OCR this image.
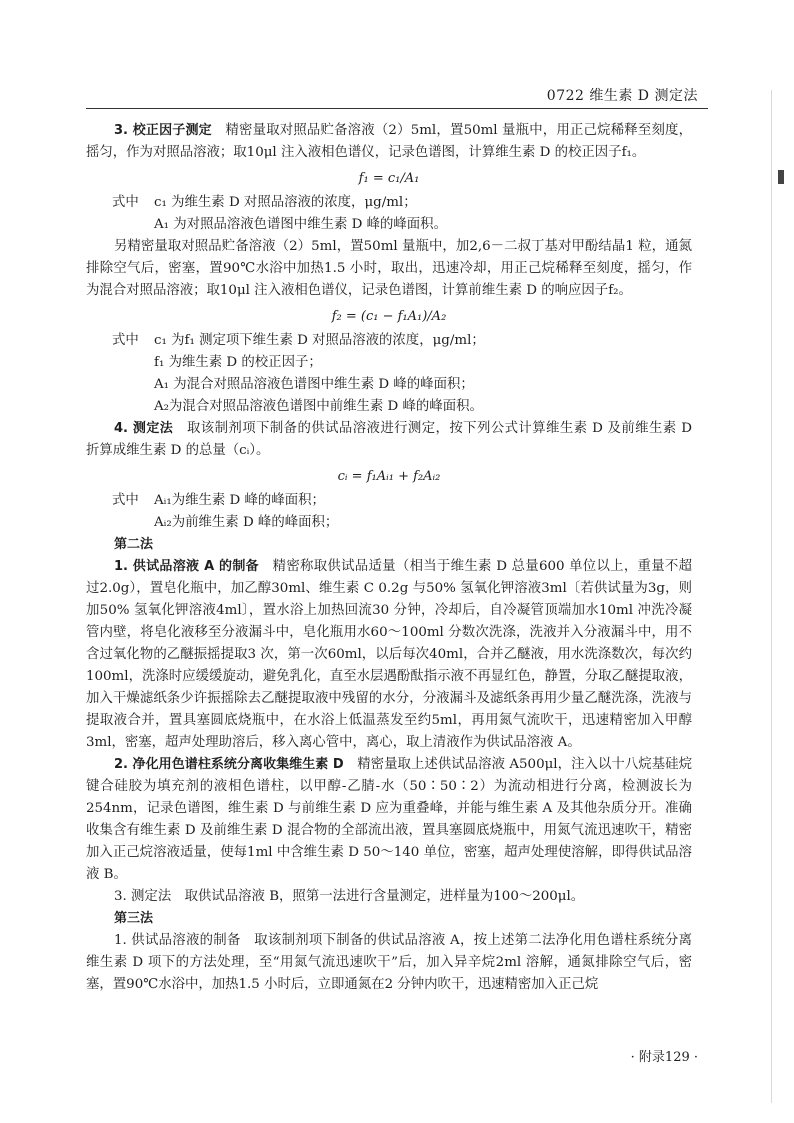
0722 维生素 D 测定法

3. 校正因子测定　精密量取对照品贮备溶液（2）5ml，置50ml 量瓶中，用正己烷稀释至刻度，摇匀，作为对照品溶液；取10μl 注入液相色谱仪，记录色谱图，计算维生素 D 的校正因子f₁。

f₁ = c₁/A₁
式中	c₁ 为维生素 D 对照品溶液的浓度，μg/ml；
A₁ 为对照品溶液色谱图中维生素 D 峰的峰面积。

另精密量取对照品贮备溶液（2）5ml，置50ml 量瓶中，加2,6－二叔丁基对甲酚结晶1 粒，通氮排除空气后，密塞，置90℃水浴中加热1.5 小时，取出，迅速冷却，用正己烷稀释至刻度，摇匀，作为混合对照品溶液；取10μl 注入液相色谱仪，记录色谱图，计算前维生素 D 的响应因子f₂。

f₂ = (c₁ − f₁A₁)/A₂
式中	c₁ 为f₁ 测定项下维生素 D 对照品溶液的浓度，μg/ml；
f₁ 为维生素 D 的校正因子；
A₁ 为混合对照品溶液色谱图中维生素 D 峰的峰面积；
A₂为混合对照品溶液色谱图中前维生素 D 峰的峰面积。

4. 测定法　取该制剂项下制备的供试品溶液进行测定，按下列公式计算维生素 D 及前维生素 D 折算成维生素 D 的总量（cᵢ）。

cᵢ = f₁Aᵢ₁ + f₂Aᵢ₂
式中	Aᵢ₁为维生素 D 峰的峰面积；
Aᵢ₂为前维生素 D 峰的峰面积；
第二法

1. 供试品溶液 A 的制备　精密称取供试品适量（相当于维生素 D 总量600 单位以上，重量不超过2.0g），置皂化瓶中，加乙醇30ml、维生素 C 0.2g 与50% 氢氧化钾溶液3ml〔若供试量为3g，则加50% 氢氧化钾溶液4ml〕，置水浴上加热回流30 分钟，冷却后，自冷凝管顶端加水10ml 冲洗冷凝管内壁，将皂化液移至分液漏斗中，皂化瓶用水60～100ml 分数次洗涤，洗液并入分液漏斗中，用不含过氧化物的乙醚振摇提取3 次，第一次60ml，以后每次40ml，合并乙醚液，用水洗涤数次，每次约100ml，洗涤时应缓缓旋动，避免乳化，直至水层遇酚酞指示液不再显红色，静置，分取乙醚提取液，加入干燥滤纸条少许振摇除去乙醚提取液中残留的水分，分液漏斗及滤纸条再用少量乙醚洗涤，洗液与提取液合并，置具塞圆底烧瓶中，在水浴上低温蒸发至约5ml，再用氮气流吹干，迅速精密加入甲醇3ml，密塞，超声处理助溶后，移入离心管中，离心，取上清液作为供试品溶液 A。

2. 净化用色谱柱系统分离收集维生素 D　精密量取上述供试品溶液 A500μl，注入以十八烷基硅烷键合硅胶为填充剂的液相色谱柱，以甲醇-乙腈-水（50∶50∶2）为流动相进行分离，检测波长为254nm，记录色谱图，维生素 D 与前维生素 D 应为重叠峰，并能与维生素 A 及其他杂质分开。准确收集含有维生素 D 及前维生素 D 混合物的全部流出液，置具塞圆底烧瓶中，用氮气流迅速吹干，精密加入正己烷溶液适量，使每1ml 中含维生素 D 50～140 单位，密塞，超声处理使溶解，即得供试品溶液 B。

3. 测定法　取供试品溶液 B，照第一法进行含量测定，进样量为100～200μl。

第三法

1. 供试品溶液的制备　取该制剂项下制备的供试品溶液 A，按上述第二法净化用色谱柱系统分离维生素 D 项下的方法处理，至“用氮气流迅速吹干”后，加入异辛烷2ml 溶解，通氮排除空气后，密塞，置90℃水浴中，加热1.5 小时后，立即通氮在2 分钟内吹干，迅速精密加入正己烷

· 附录129 ·
